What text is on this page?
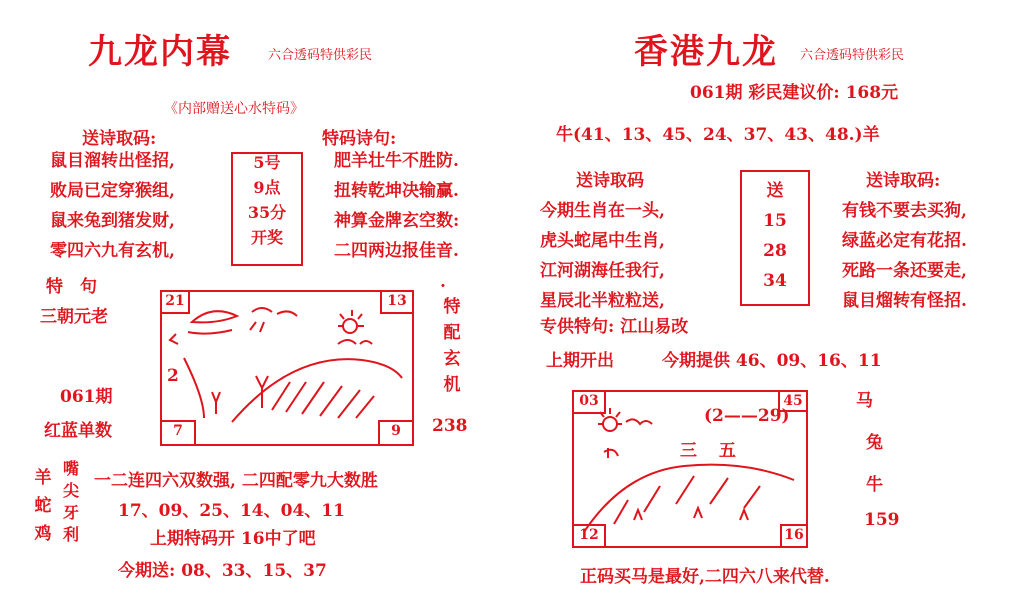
九龙内幕	六合透码特供彩民
《内部赠送心水特码》
送诗取码:
鼠目溜转出怪招,
败局已定穿猴组,
鼠来兔到猪发财,
零四六九有玄机,
5号
9点
35分
开奖
特码诗句:
肥羊壮牛不胜防.
扭转乾坤决输赢.
神算金牌玄空数:
二四两边报佳音.
特　句
三朝元老
061期
红蓝单数
21	13
7	9
2
.
特
配
玄
机
238
羊
蛇
鸡
嘴
尖
牙
利
一二连四六双数强, 二四配零九大数胜
17、09、25、14、04、11
上期特码开 16中了吧
今期送: 08、33、15、37
香港九龙 六合透码特供彩民
061期 彩民建议价: 168元
牛(41、13、45、24、37、43、48.)羊
送诗取码
今期生肖在一头,
虎头蛇尾中生肖,
江河湖海任我行,
星辰北半粒粒送,
专供特句: 江山易改
送
15
28
34
送诗取码:
有钱不要去买狗,
绿蓝必定有花招.
死路一条还要走,
鼠目熘转有怪招.
上期开出	今期提供 46、09、16、11
03	45
12	16
(2——29)
三 五
马
兔
牛
159
正码买马是最好,二四六八来代替.
